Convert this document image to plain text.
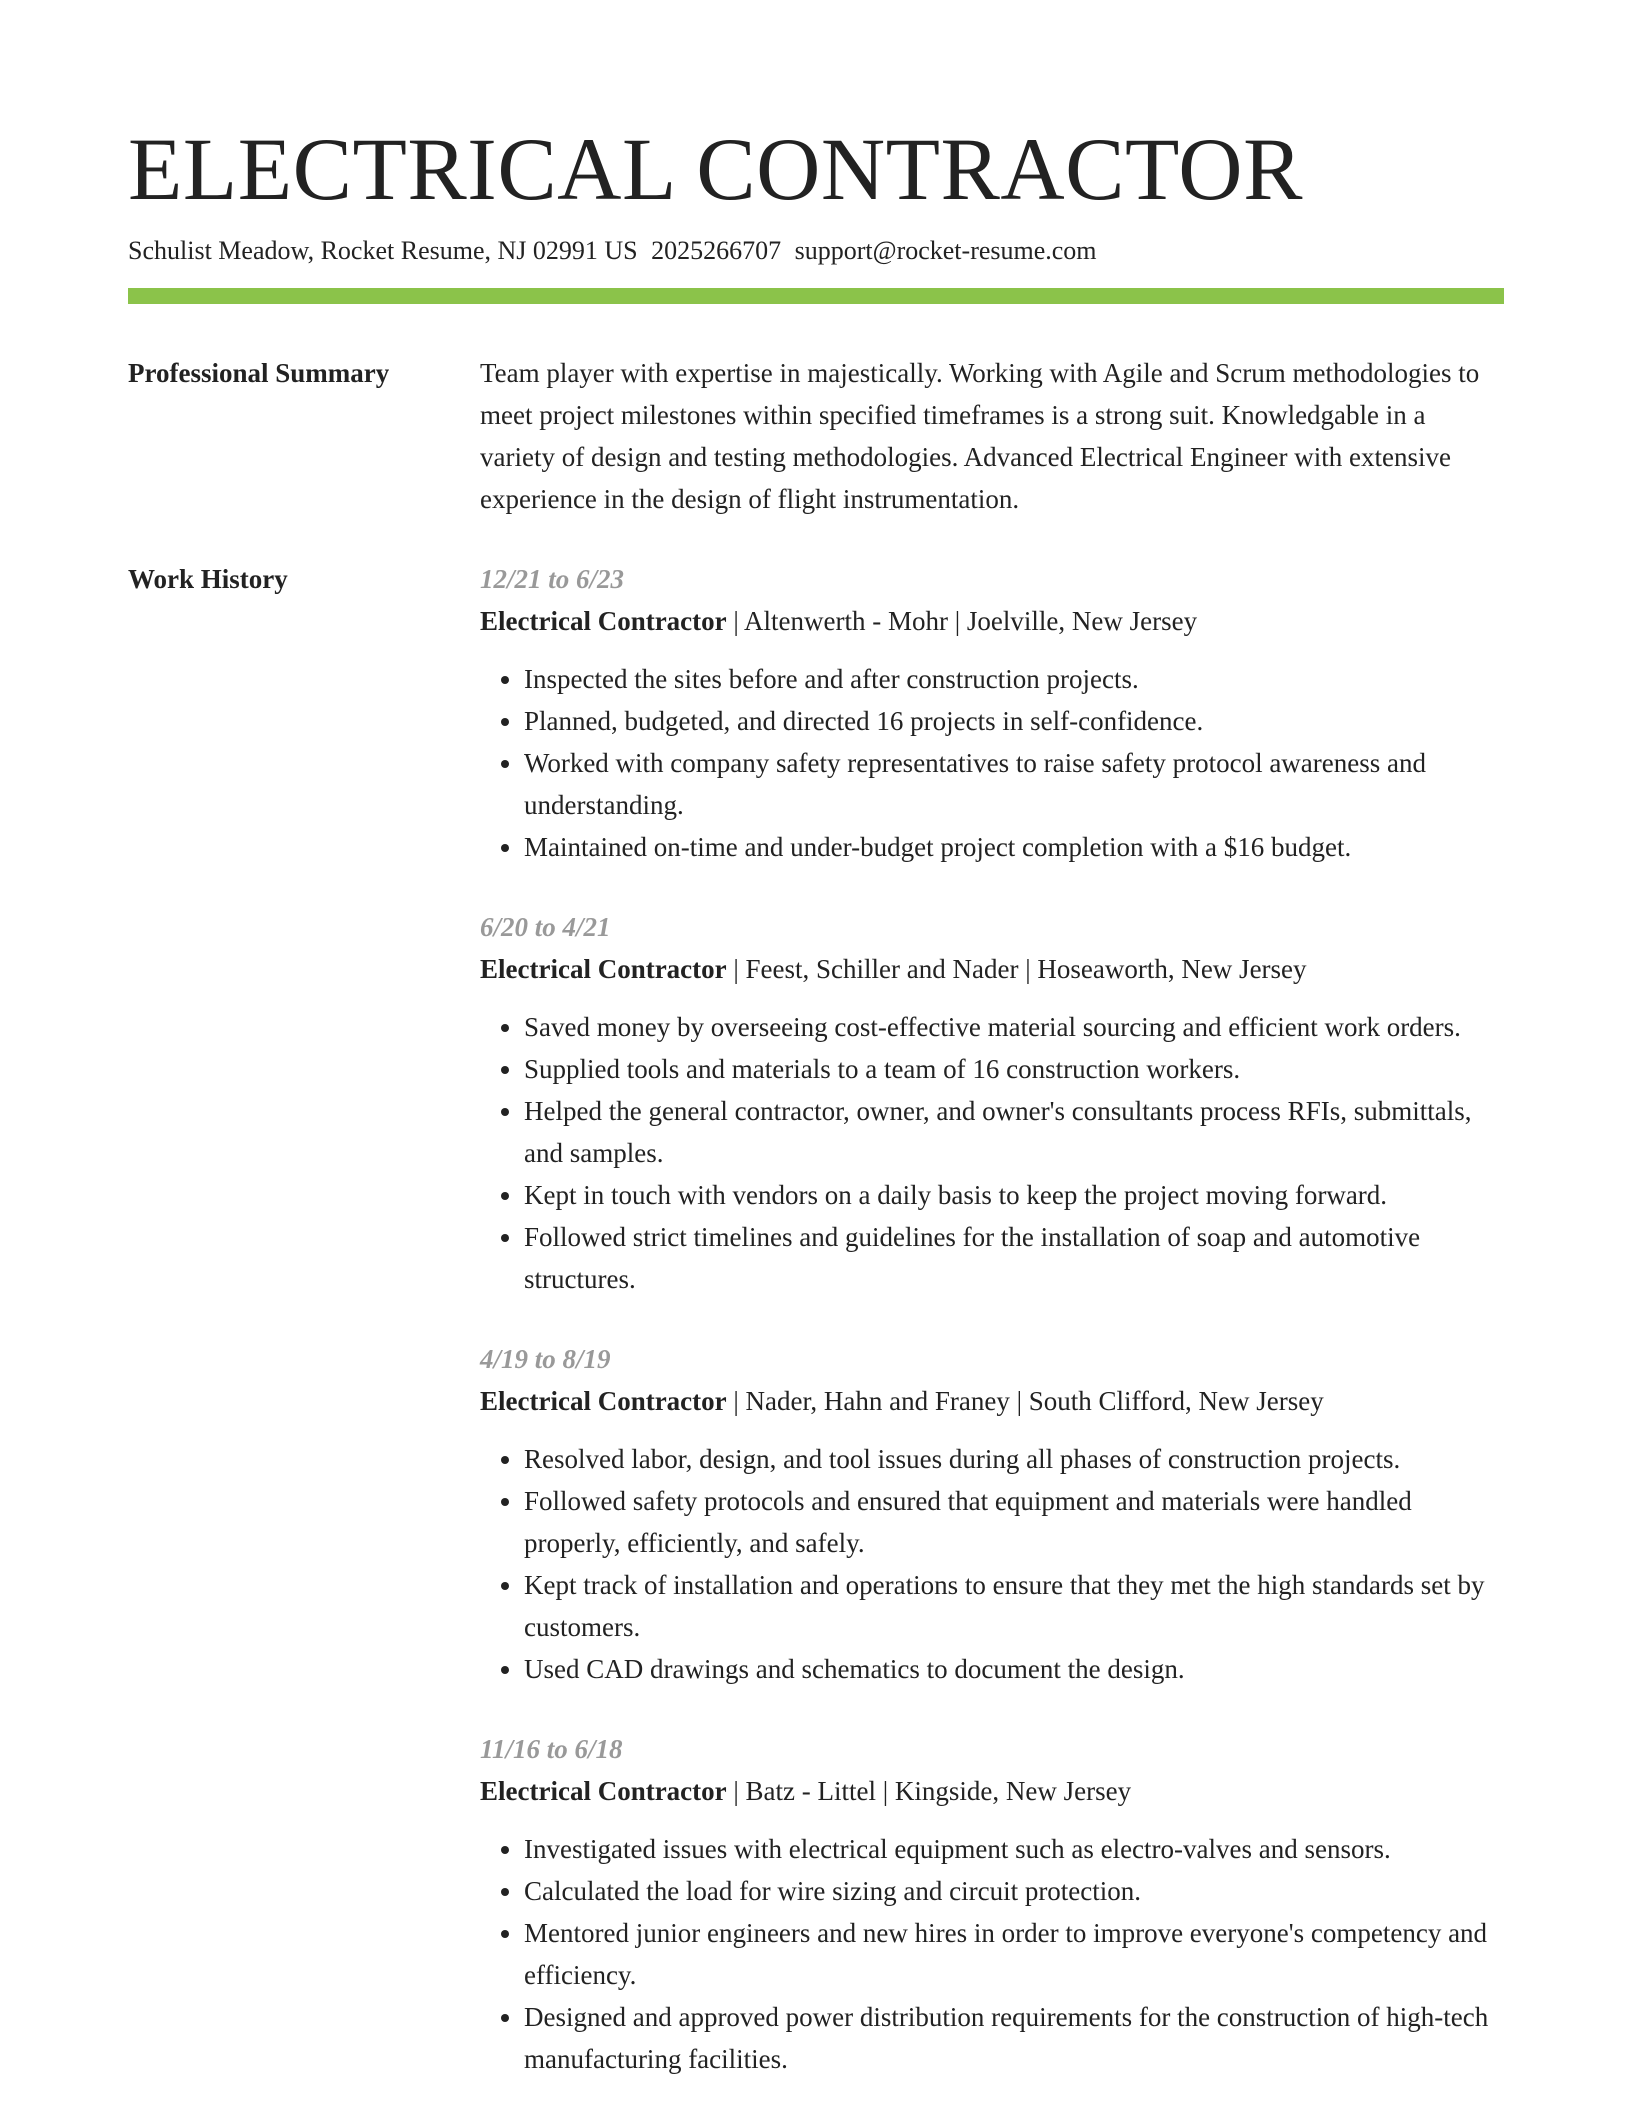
ELECTRICAL CONTRACTOR
Schulist Meadow, Rocket Resume, NJ 02991 US 2025266707 support@rocket-resume.com
Professional Summary	Team player with expertise in majestically. Working with Agile and Scrum methodologies to meet project milestones within specified timeframes is a strong suit. Knowledgable in a variety of design and testing methodologies. Advanced Electrical Engineer with extensive experience in the design of flight instrumentation.

Work History	12/21 to 6/23
Electrical Contractor | Altenwerth - Mohr | Joelville, New Jersey
• Inspected the sites before and after construction projects.
• Planned, budgeted, and directed 16 projects in self-confidence.
• Worked with company safety representatives to raise safety protocol awareness and understanding.
• Maintained on-time and under-budget project completion with a $16 budget.
6/20 to 4/21
Electrical Contractor | Feest, Schiller and Nader | Hoseaworth, New Jersey
• Saved money by overseeing cost-effective material sourcing and efficient work orders.
• Supplied tools and materials to a team of 16 construction workers.
• Helped the general contractor, owner, and owner's consultants process RFIs, submittals, and samples.
• Kept in touch with vendors on a daily basis to keep the project moving forward.
• Followed strict timelines and guidelines for the installation of soap and automotive structures.
4/19 to 8/19
Electrical Contractor | Nader, Hahn and Franey | South Clifford, New Jersey
• Resolved labor, design, and tool issues during all phases of construction projects.
• Followed safety protocols and ensured that equipment and materials were handled properly, efficiently, and safely.
• Kept track of installation and operations to ensure that they met the high standards set by customers.
• Used CAD drawings and schematics to document the design.
11/16 to 6/18
Electrical Contractor | Batz - Littel | Kingside, New Jersey
• Investigated issues with electrical equipment such as electro-valves and sensors.
• Calculated the load for wire sizing and circuit protection.
• Mentored junior engineers and new hires in order to improve everyone's competency and efficiency.
• Designed and approved power distribution requirements for the construction of high-tech manufacturing facilities.
